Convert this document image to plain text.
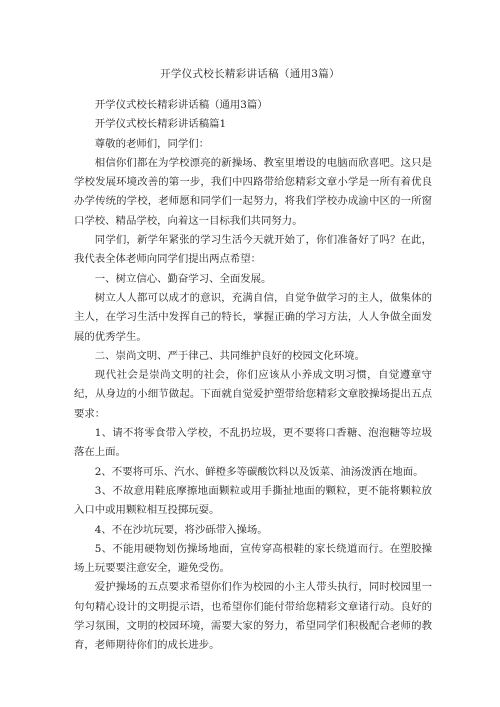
开学仪式校长精彩讲话稿（通用3篇）

开学仪式校长精彩讲话稿（通用3篇）

开学仪式校长精彩讲话稿篇1

尊敬的老师们，同学们：

相信你们都在为学校漂亮的新操场、教室里增设的电脑而欣喜吧。这只是学校发展环境改善的第一步，我们中四路带给您精彩文章小学是一所有着优良办学传统的学校，老师愿和同学们一起努力，将我们学校办成渝中区的一所窗口学校、精品学校，向着这一目标我们共同努力。

同学们，新学年紧张的学习生活今天就开始了，你们准备好了吗？在此，我代表全体老师向同学们提出两点希望：

一、树立信心、勤奋学习、全面发展。

树立人人都可以成才的意识，充满自信，自觉争做学习的主人，做集体的主人，在学习生活中发挥自己的特长，掌握正确的学习方法，人人争做全面发展的优秀学生。

二、崇尚文明、严于律己、共同维护良好的校园文化环境。

现代社会是崇尚文明的社会，你们应该从小养成文明习惯，自觉遵章守纪，从身边的小细节做起。下面就自觉爱护塑带给您精彩文章胶操场提出五点要求：

1、请不将零食带入学校，不乱扔垃圾，更不要将口香糖、泡泡糖等垃圾落在上面。

2、不要将可乐、汽水、鲜橙多等碳酸饮料以及饭菜、油汤泼洒在地面。

3、不故意用鞋底摩擦地面颗粒或用手撕扯地面的颗粒，更不能将颗粒放入口中或用颗粒相互投掷玩耍。

4、不在沙坑玩要，将沙砾带入操场。

5、不能用硬物划伤操场地面，宣传穿高根鞋的家长绕道而行。在塑胶操场上玩要要注意安全，避免受伤。

爱护操场的五点要求希望你们作为校园的小主人带头执行，同时校园里一句句精心设计的文明提示语，也希望你们能付带给您精彩文章诸行动。良好的学习氛围，文明的校园环境，需要大家的努力，希望同学们积极配合老师的教育，老师期待你们的成长进步。
